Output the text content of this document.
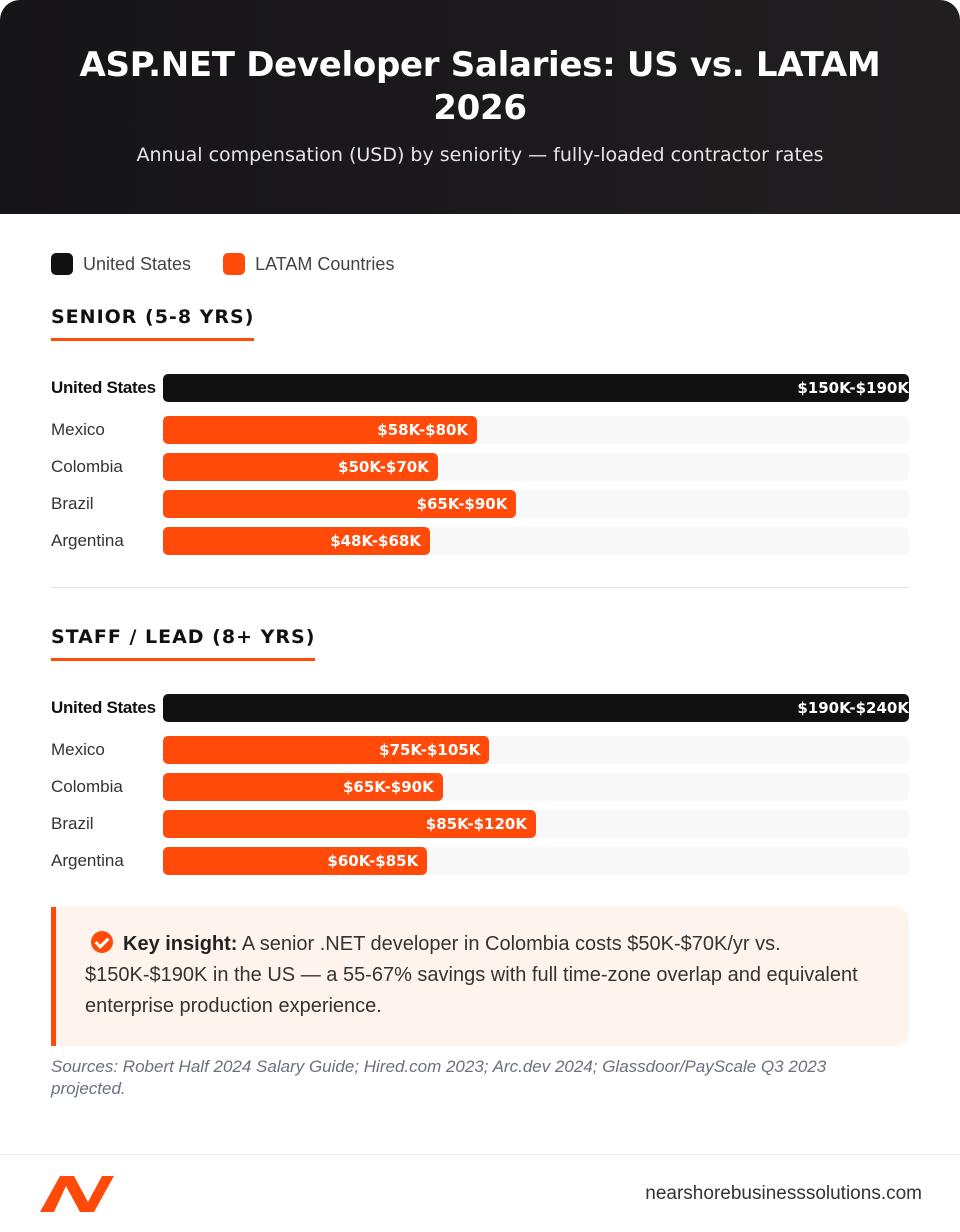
ASP.NET Developer Salaries: US vs. LATAM 2026
Annual compensation (USD) by seniority — fully-loaded contractor rates
United States	LATAM Countries
SENIOR (5-8 YRS)
United States	$150K-$190K
Mexico	$58K-$80K
Colombia	$50K-$70K
Brazil	$65K-$90K
Argentina	$48K-$68K
STAFF / LEAD (8+ YRS)
United States	$190K-$240K
Mexico	$75K-$105K
Colombia	$65K-$90K
Brazil	$85K-$120K
Argentina	$60K-$85K
Key insight: A senior .NET developer in Colombia costs $50K-$70K/yr vs. $150K-$190K in the US — a 55-67% savings with full time-zone overlap and equivalent enterprise production experience.
Sources: Robert Half 2024 Salary Guide; Hired.com 2023; Arc.dev 2024; Glassdoor/PayScale Q3 2023 projected.
nearshorebusinesssolutions.com
